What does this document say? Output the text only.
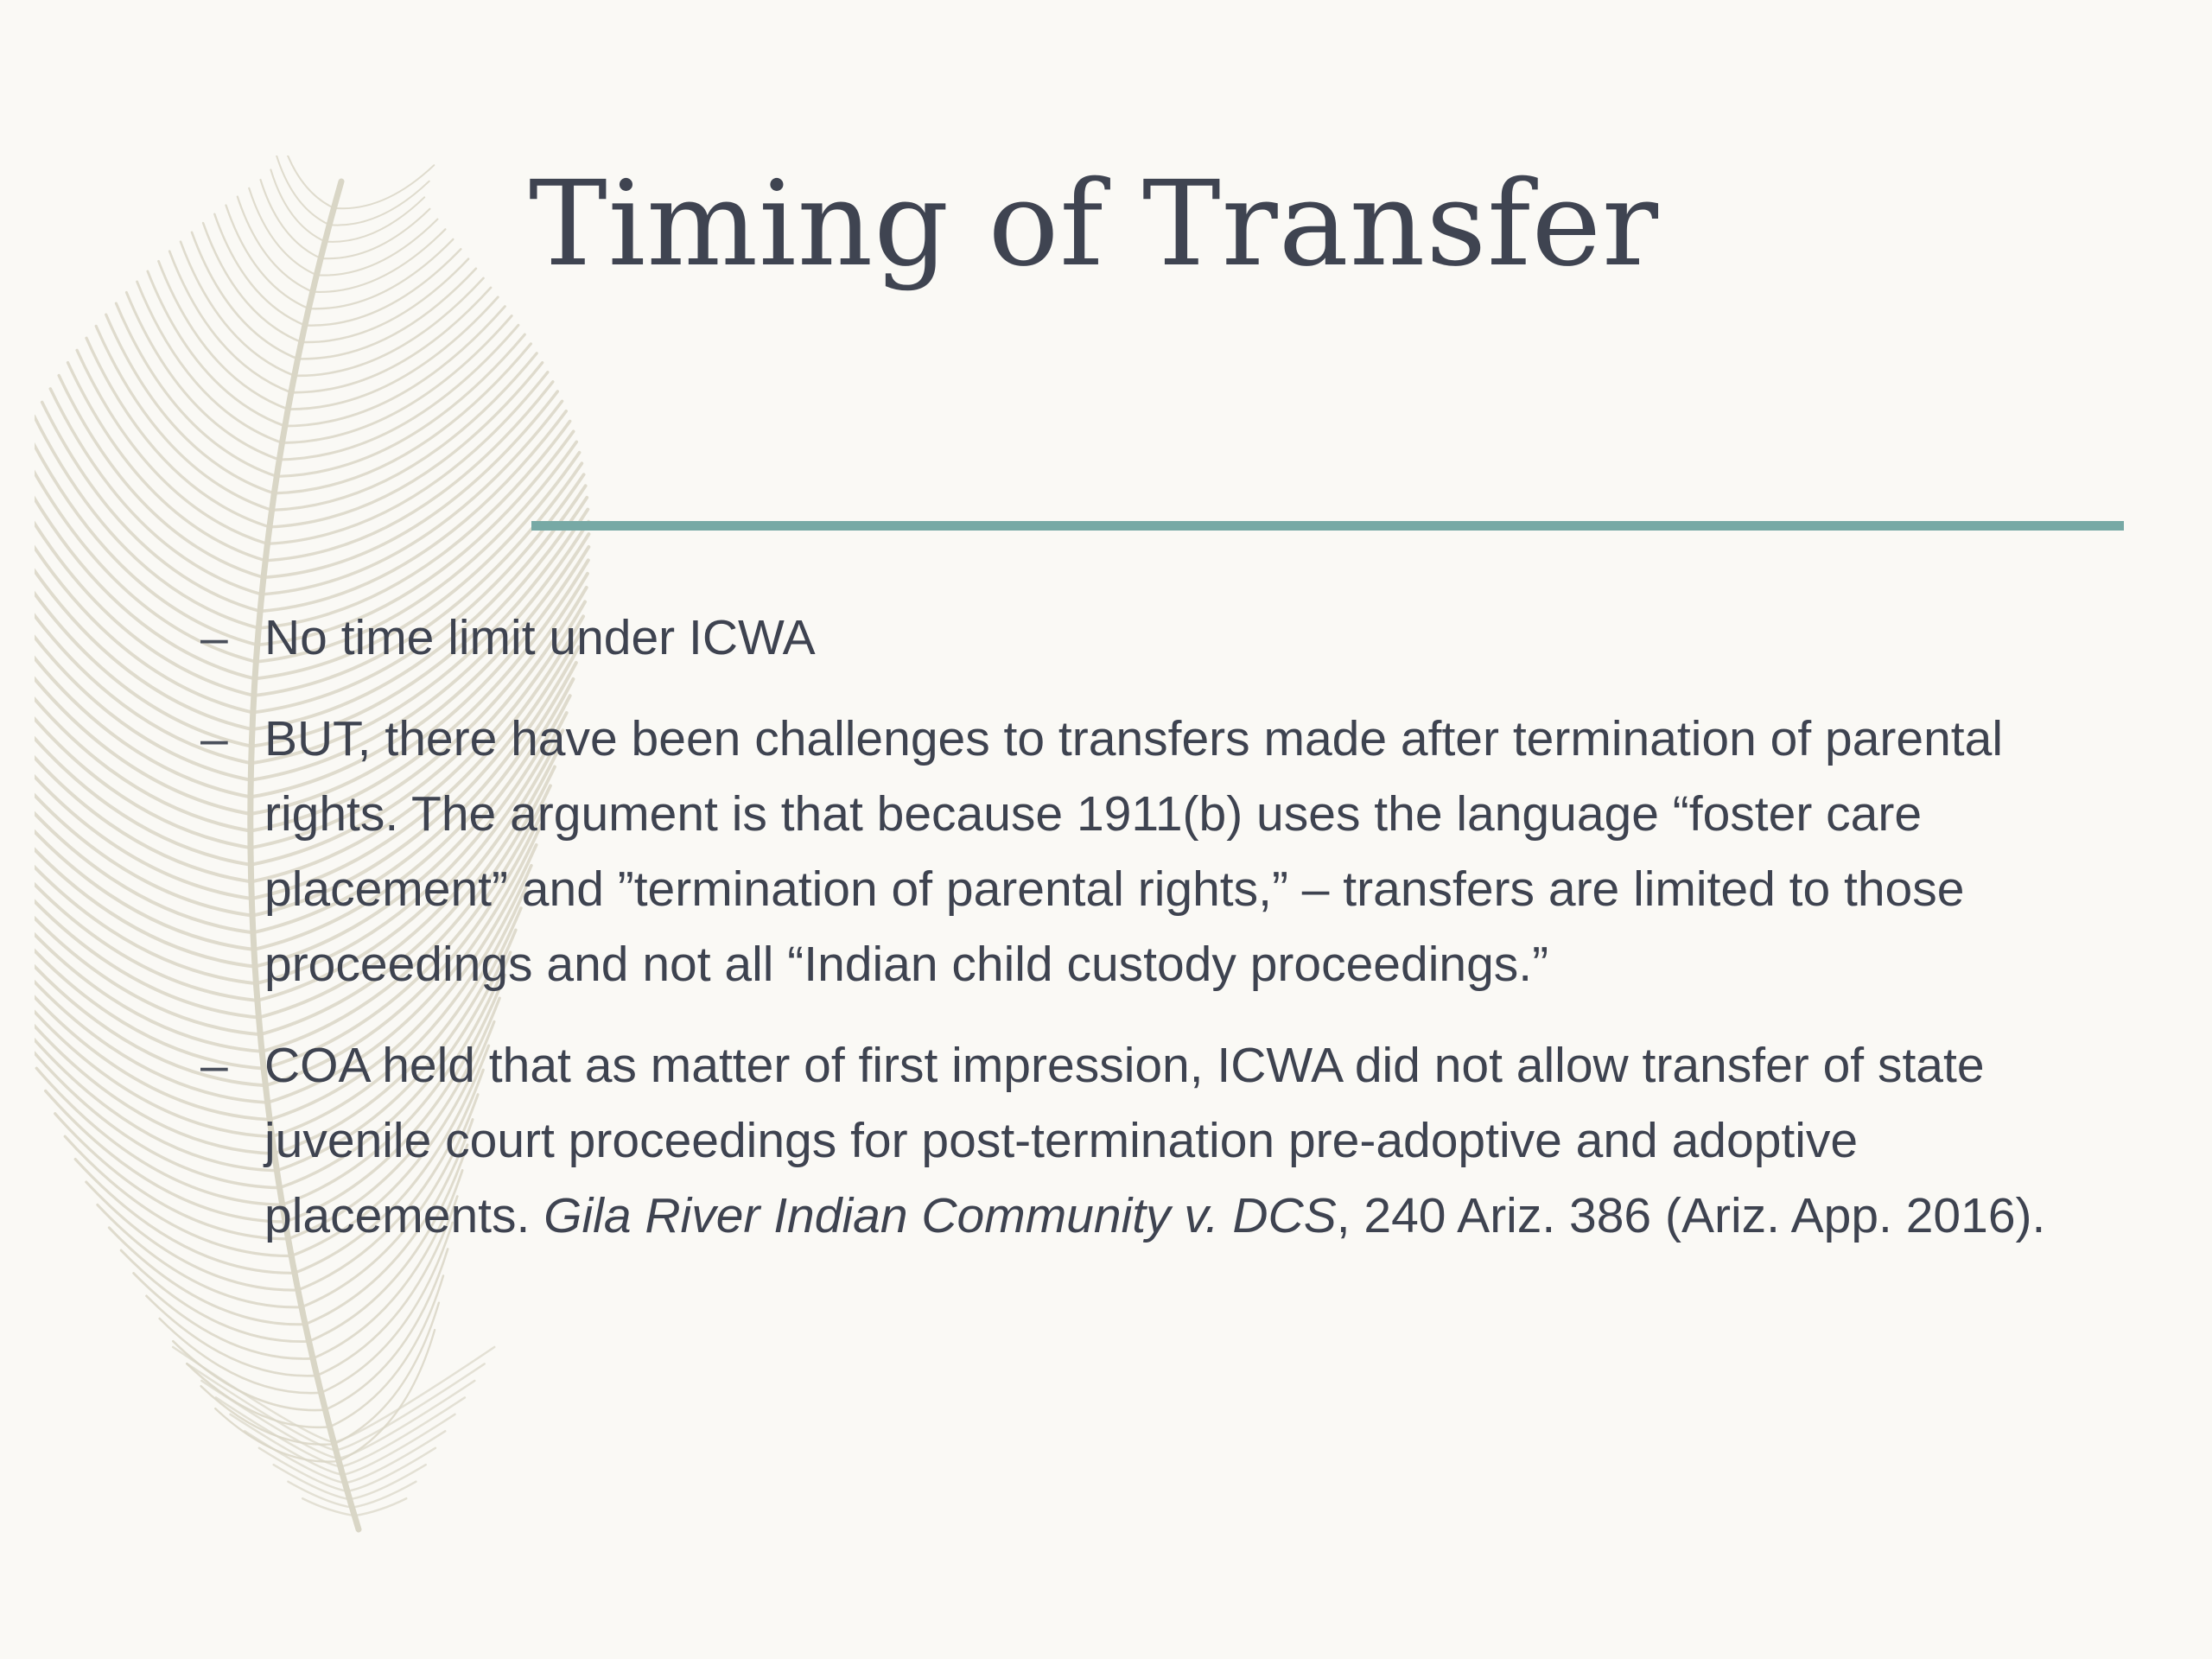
Timing of Transfer
– No time limit under ICWA
– BUT, there have been challenges to transfers made after termination of parental rights. The argument is that because 1911(b) uses the language “foster care placement” and ”termination of parental rights,” – transfers are limited to those proceedings and not all “Indian child custody proceedings.”
– COA held that as matter of first impression, ICWA did not allow transfer of state juvenile court proceedings for post-termination pre-adoptive and adoptive placements. Gila River Indian Community v. DCS, 240 Ariz. 386 (Ariz. App. 2016).
